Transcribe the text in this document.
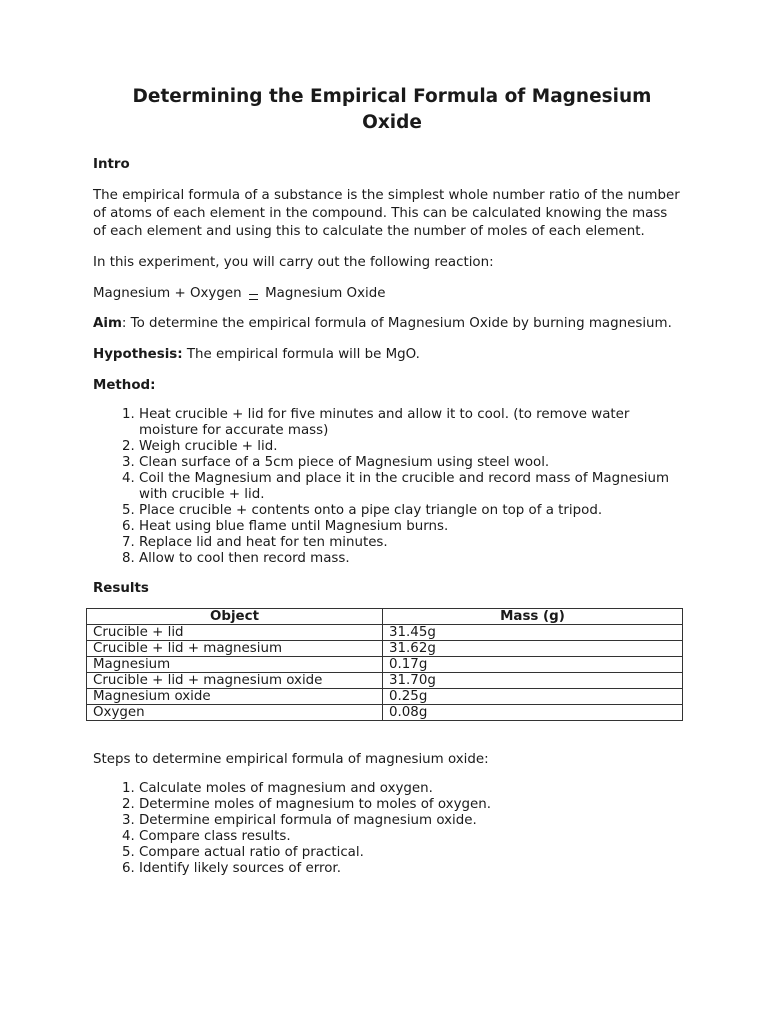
Determining the Empirical Formula of Magnesium Oxide

Intro

The empirical formula of a substance is the simplest whole number ratio of the number of atoms of each element in the compound. This can be calculated knowing the mass of each element and using this to calculate the number of moles of each element.

In this experiment, you will carry out the following reaction:

Magnesium + Oxygen Magnesium Oxide

Aim: To determine the empirical formula of Magnesium Oxide by burning magnesium.

Hypothesis: The empirical formula will be MgO.

Method:

1. Heat crucible + lid for five minutes and allow it to cool. (to remove water moisture for accurate mass)
2. Weigh crucible + lid.
3. Clean surface of a 5cm piece of Magnesium using steel wool.
4. Coil the Magnesium and place it in the crucible and record mass of Magnesium with crucible + lid.
5. Place crucible + contents onto a pipe clay triangle on top of a tripod.
6. Heat using blue flame until Magnesium burns.
7. Replace lid and heat for ten minutes.
8. Allow to cool then record mass.

Results

Object	Mass (g)
Crucible + lid	31.45g
Crucible + lid + magnesium	31.62g
Magnesium	0.17g
Crucible + lid + magnesium oxide	31.70g
Magnesium oxide	0.25g
Oxygen	0.08g

Steps to determine empirical formula of magnesium oxide:

1. Calculate moles of magnesium and oxygen.
2. Determine moles of magnesium to moles of oxygen.
3. Determine empirical formula of magnesium oxide.
4. Compare class results.
5. Compare actual ratio of practical.
6. Identify likely sources of error.
